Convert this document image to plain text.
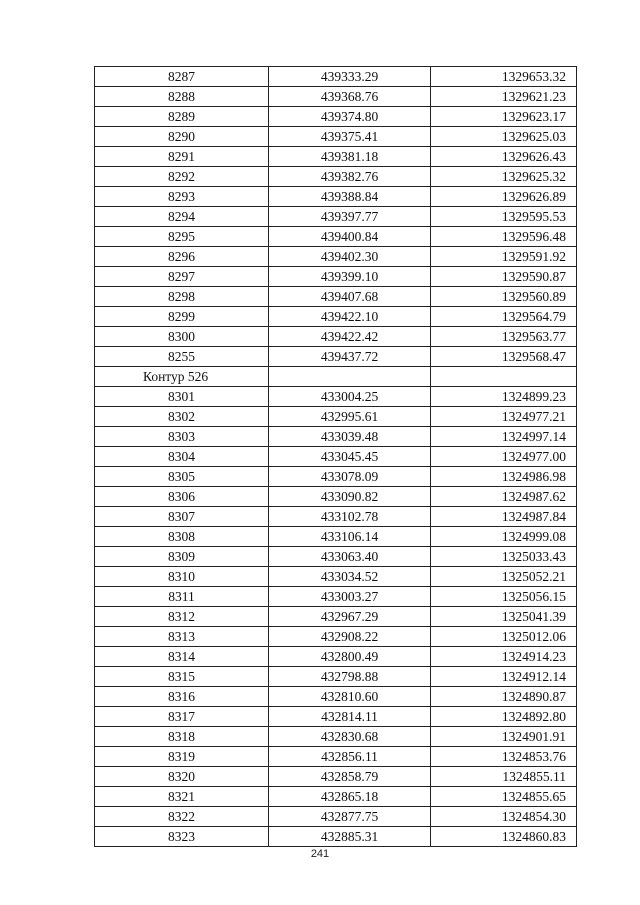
8287	439333.29	1329653.32
8288	439368.76	1329621.23
8289	439374.80	1329623.17
8290	439375.41	1329625.03
8291	439381.18	1329626.43
8292	439382.76	1329625.32
8293	439388.84	1329626.89
8294	439397.77	1329595.53
8295	439400.84	1329596.48
8296	439402.30	1329591.92
8297	439399.10	1329590.87
8298	439407.68	1329560.89
8299	439422.10	1329564.79
8300	439422.42	1329563.77
8255	439437.72	1329568.47
Контур 526		
8301	433004.25	1324899.23
8302	432995.61	1324977.21
8303	433039.48	1324997.14
8304	433045.45	1324977.00
8305	433078.09	1324986.98
8306	433090.82	1324987.62
8307	433102.78	1324987.84
8308	433106.14	1324999.08
8309	433063.40	1325033.43
8310	433034.52	1325052.21
8311	433003.27	1325056.15
8312	432967.29	1325041.39
8313	432908.22	1325012.06
8314	432800.49	1324914.23
8315	432798.88	1324912.14
8316	432810.60	1324890.87
8317	432814.11	1324892.80
8318	432830.68	1324901.91
8319	432856.11	1324853.76
8320	432858.79	1324855.11
8321	432865.18	1324855.65
8322	432877.75	1324854.30
8323	432885.31	1324860.83
241
